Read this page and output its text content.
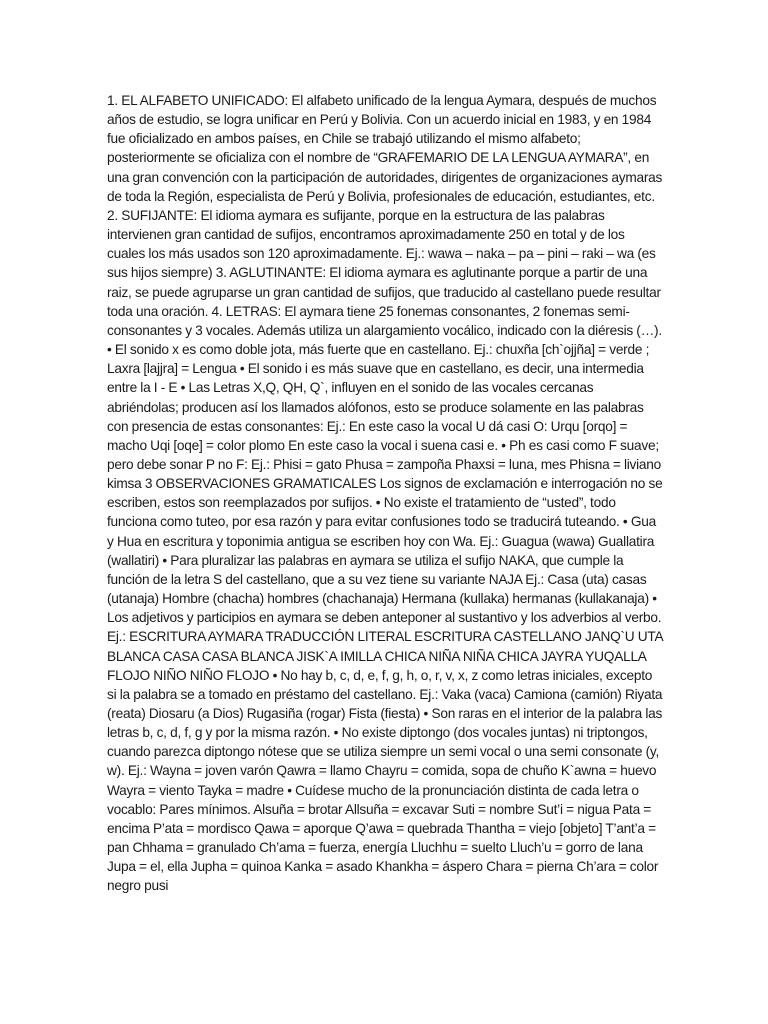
1. EL ALFABETO UNIFICADO: El alfabeto unificado de la lengua Aymara, después de muchos años de estudio, se logra unificar en Perú y Bolivia. Con un acuerdo inicial en 1983, y en 1984 fue oficializado en ambos países, en Chile se trabajó utilizando el mismo alfabeto; posteriormente se oficializa con el nombre de “GRAFEMARIO DE LA LENGUA AYMARA”, en una gran convención con la participación de autoridades, dirigentes de organizaciones aymaras de toda la Región, especialista de Perú y Bolivia, profesionales de educación, estudiantes, etc. 2. SUFIJANTE: El idioma aymara es sufijante, porque en la estructura de las palabras intervienen gran cantidad de sufijos, encontramos aproximadamente 250 en total y de los cuales los más usados son 120 aproximadamente. Ej.: wawa – naka – pa – pini – raki – wa (es sus hijos siempre) 3. AGLUTINANTE: El idioma aymara es aglutinante porque a partir de una raiz, se puede agruparse un gran cantidad de sufijos, que traducido al castellano puede resultar toda una oración. 4. LETRAS: El aymara tiene 25 fonemas consonantes, 2 fonemas semi-consonantes y 3 vocales. Además utiliza un alargamiento vocálico, indicado con la diéresis (…). • El sonido x es como doble jota, más fuerte que en castellano. Ej.: chuxña [ch`ojjña] = verde ; Laxra [lajjra] = Lengua • El sonido i es más suave que en castellano, es decir, una intermedia entre la I - E • Las Letras X,Q, QH, Q`, influyen en el sonido de las vocales cercanas abriéndolas; producen así los llamados alófonos, esto se produce solamente en las palabras con presencia de estas consonantes: Ej.: En este caso la vocal U dá casi O: Urqu [orqo] = macho Uqi [oqe] = color plomo En este caso la vocal i suena casi e. • Ph es casi como F suave; pero debe sonar P no F: Ej.: Phisi = gato Phusa = zampoña Phaxsi = luna, mes Phisna = liviano kimsa 3 OBSERVACIONES GRAMATICALES Los signos de exclamación e interrogación no se escriben, estos son reemplazados por sufijos. • No existe el tratamiento de “usted”, todo funciona como tuteo, por esa razón y para evitar confusiones todo se traducirá tuteando. • Gua y Hua en escritura y toponimia antigua se escriben hoy con Wa. Ej.: Guagua (wawa) Guallatira (wallatiri) • Para pluralizar las palabras en aymara se utiliza el sufijo NAKA, que cumple la función de la letra S del castellano, que a su vez tiene su variante NAJA Ej.: Casa (uta) casas (utanaja) Hombre (chacha) hombres (chachanaja) Hermana (kullaka) hermanas (kullakanaja) • Los adjetivos y participios en aymara se deben anteponer al sustantivo y los adverbios al verbo. Ej.: ESCRITURA AYMARA TRADUCCIÓN LITERAL ESCRITURA CASTELLANO JANQ`U UTA BLANCA CASA CASA BLANCA JISK`A IMILLA CHICA NIÑA NIÑA CHICA JAYRA YUQALLA FLOJO NIÑO NIÑO FLOJO • No hay b, c, d, e, f, g, h, o, r, v, x, z como letras iniciales, excepto si la palabra se a tomado en préstamo del castellano. Ej.: Vaka (vaca) Camiona (camión) Riyata (reata) Diosaru (a Dios) Rugasiña (rogar) Fista (fiesta) • Son raras en el interior de la palabra las letras b, c, d, f, g y por la misma razón. • No existe diptongo (dos vocales juntas) ni triptongos, cuando parezca diptongo nótese que se utiliza siempre un semi vocal o una semi consonate (y, w). Ej.: Wayna = joven varón Qawra = llamo Chayru = comida, sopa de chuño K`awna = huevo Wayra = viento Tayka = madre • Cuídese mucho de la pronunciación distinta de cada letra o vocablo: Pares mínimos. Alsuña = brotar Allsuña = excavar Suti = nombre Sut’i = nigua Pata = encima P’ata = mordisco Qawa = aporque Q’awa = quebrada Thantha = viejo [objeto] T’ant’a = pan Chhama = granulado Ch’ama = fuerza, energía Lluchhu = suelto Lluch’u = gorro de lana Jupa = el, ella Jupha = quinoa Kanka = asado Khankha = áspero Chara = pierna Ch’ara = color negro pusi
